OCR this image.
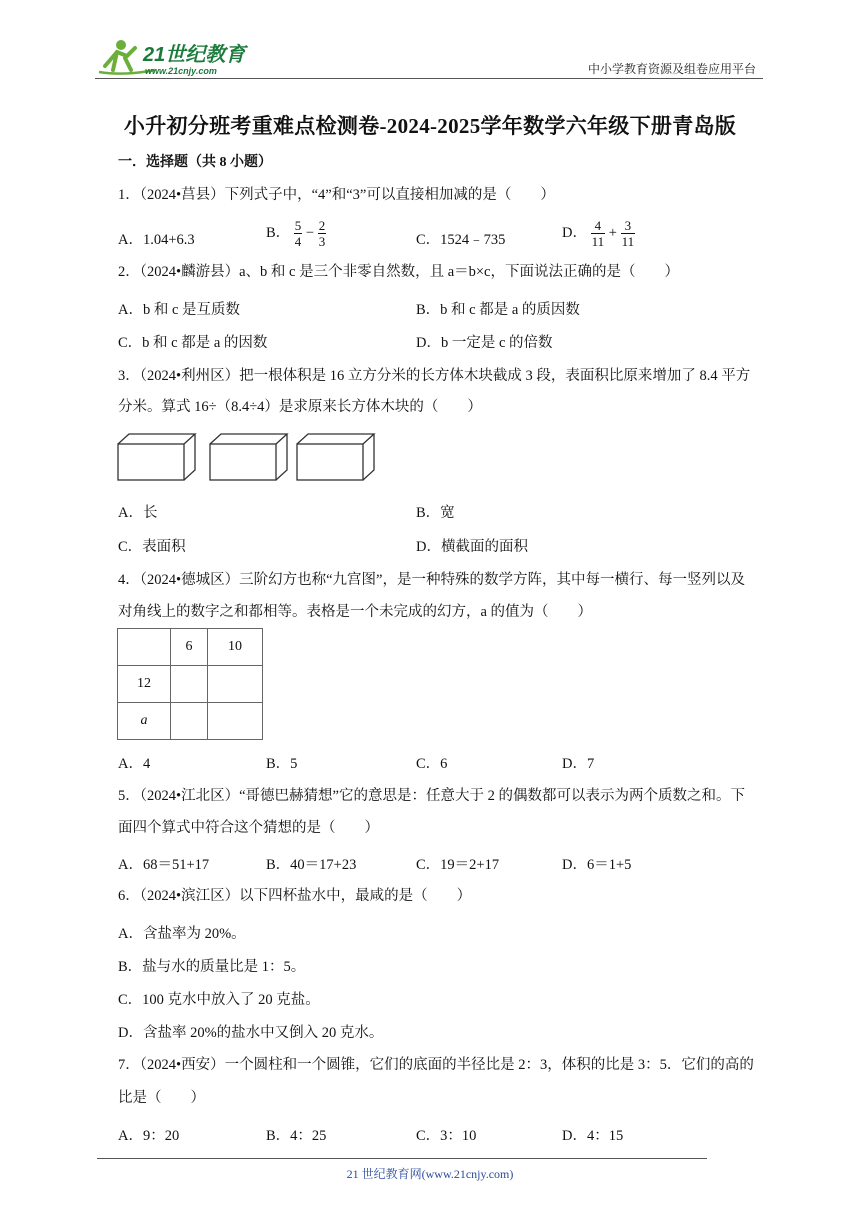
21世纪教育
www.21cnjy.com	中小学教育资源及组卷应用平台
小升初分班考重难点检测卷-2024-2025学年数学六年级下册青岛版
一．选择题（共 8 小题）
1．（2024•莒县）下列式子中，“4”和“3”可以直接相加减的是（　　）
A．1.04+6.3	B． $\frac{5}{4} - \frac{2}{3}$	C．1524﹣735	D． $\frac{4}{11} + \frac{3}{11}$
2．（2024•麟游县）a、b 和 c 是三个非零自然数，且 a＝b×c，下面说法正确的是（　　）
A．b 和 c 是互质数	B．b 和 c 都是 a 的质因数
C．b 和 c 都是 a 的因数	D．b 一定是 c 的倍数
3．（2024•利州区）把一根体积是 16 立方分米的长方体木块截成 3 段，表面积比原来增加了 8.4 平方
分米。算式 16÷（8.4÷4）是求原来长方体木块的（　　）
A．长	B．宽
C．表面积	D．横截面的面积
4．（2024•德城区）三阶幻方也称“九宫图”，是一种特殊的数学方阵，其中每一横行、每一竖列以及
对角线上的数字之和都相等。表格是一个未完成的幻方，a 的值为（　　）
	6	10
12		
a		
A．4	B．5	C．6	D．7
5．（2024•江北区）“哥德巴赫猜想”它的意思是：任意大于 2 的偶数都可以表示为两个质数之和。下
面四个算式中符合这个猜想的是（　　）
A．68＝51+17	B．40＝17+23	C．19＝2+17	D．6＝1+5
6．（2024•滨江区）以下四杯盐水中，最咸的是（　　）
A．含盐率为 20%。
B．盐与水的质量比是 1：5。
C．100 克水中放入了 20 克盐。
D．含盐率 20%的盐水中又倒入 20 克水。
7．（2024•西安）一个圆柱和一个圆锥，它们的底面的半径比是 2：3，体积的比是 3：5．它们的高的
比是（　　）
A．9：20	B．4：25	C．3：10	D．4：15
21 世纪教育网(www.21cnjy.com)
